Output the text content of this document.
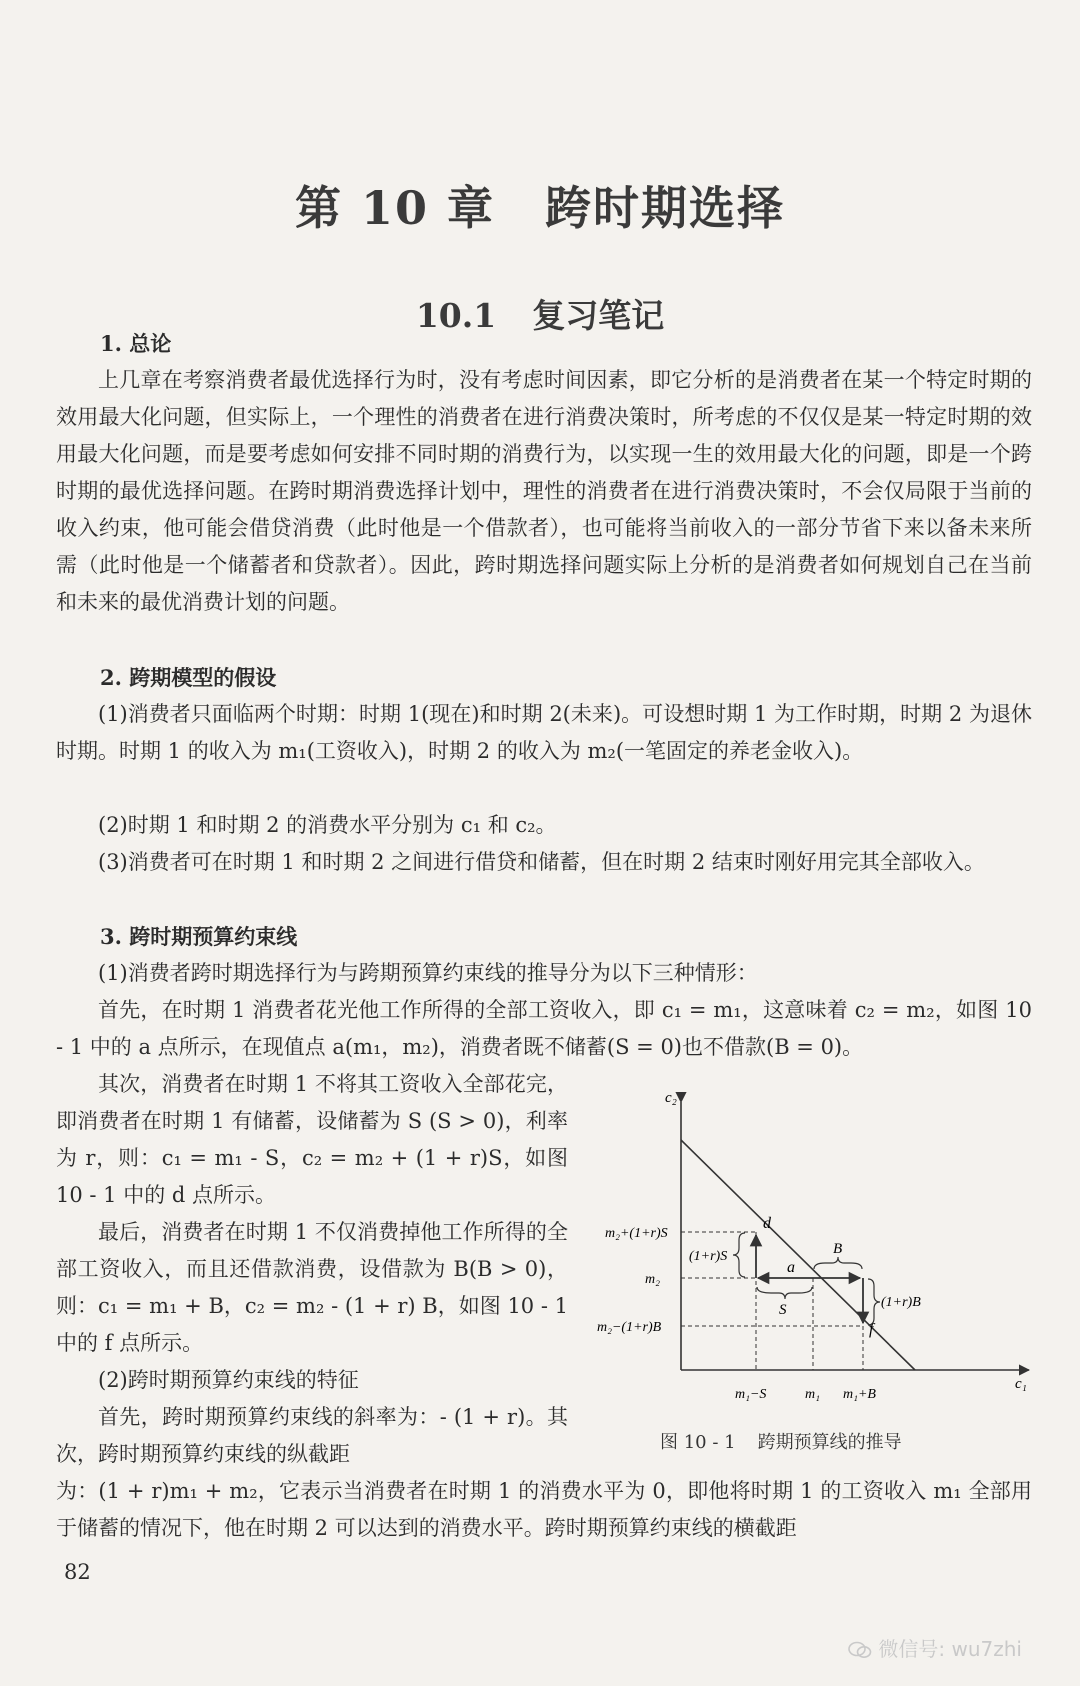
第 10 章 跨时期选择
10.1 复习笔记
1. 总论
上几章在考察消费者最优选择行为时，没有考虑时间因素，即它分析的是消费者在某一个特定时期的效用最大化问题，但实际上，一个理性的消费者在进行消费决策时，所考虑的不仅仅是某一特定时期的效用最大化问题，而是要考虑如何安排不同时期的消费行为，以实现一生的效用最大化的问题，即是一个跨时期的最优选择问题。在跨时期消费选择计划中，理性的消费者在进行消费决策时，不会仅局限于当前的收入约束，他可能会借贷消费（此时他是一个借款者），也可能将当前收入的一部分节省下来以备未来所需（此时他是一个储蓄者和贷款者）。因此，跨时期选择问题实际上分析的是消费者如何规划自己在当前和未来的最优消费计划的问题。
2. 跨期模型的假设
(1)消费者只面临两个时期：时期 1(现在)和时期 2(未来)。可设想时期 1 为工作时期，时期 2 为退休时期。时期 1 的收入为 m₁(工资收入)，时期 2 的收入为 m₂(一笔固定的养老金收入)。
(2)时期 1 和时期 2 的消费水平分别为 c₁ 和 c₂。
(3)消费者可在时期 1 和时期 2 之间进行借贷和储蓄，但在时期 2 结束时刚好用完其全部收入。
3. 跨时期预算约束线
(1)消费者跨时期选择行为与跨期预算约束线的推导分为以下三种情形：
首先，在时期 1 消费者花光他工作所得的全部工资收入，即 c₁ = m₁，这意味着 c₂ = m₂，如图 10 - 1 中的 a 点所示，在现值点 a(m₁，m₂)，消费者既不储蓄(S = 0)也不借款(B = 0)。
其次，消费者在时期 1 不将其工资收入全部花完，即消费者在时期 1 有储蓄，设储蓄为 S (S > 0)，利率为 r，则：c₁ = m₁ - S，c₂ = m₂ + (1 + r)S，如图 10 - 1 中的 d 点所示。
最后，消费者在时期 1 不仅消费掉他工作所得的全部工资收入，而且还借款消费，设借款为 B(B > 0)，则：c₁ = m₁ + B，c₂ = m₂ - (1 + r) B，如图 10 - 1 中的 f 点所示。
(2)跨时期预算约束线的特征
首先，跨时期预算约束线的斜率为：- (1 + r)。其次，跨时期预算约束线的纵截距
为：(1 + r)m₁ + m₂，它表示当消费者在时期 1 的消费水平为 0，即他将时期 1 的工资收入 m₁ 全部用于储蓄的情况下，他在时期 2 可以达到的消费水平。跨时期预算约束线的横截距
c₂
c₁
m₂+(1+r)S
m₂
m₂−(1+r)B
(1+r)S
(1+r)B
B
S
a
d
f
m₁−S	m₁ m₁+B
图 10 - 1 跨期预算线的推导
82
微信号: wu7zhi
